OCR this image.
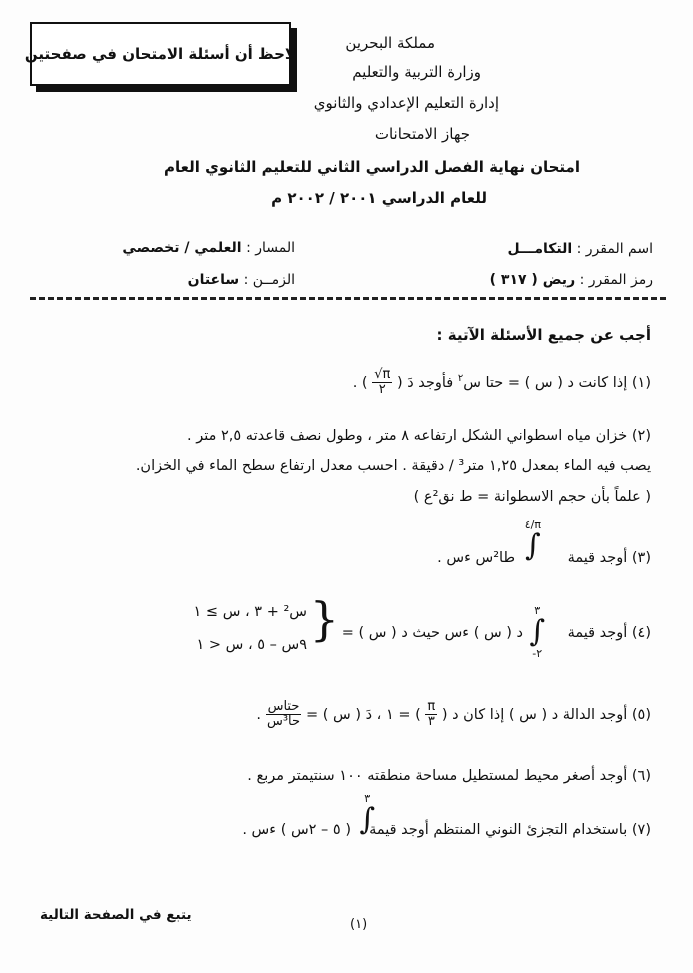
لاحظ أن أسئلة الامتحان في صفحتين
مملكة البحرين
وزارة التربية والتعليم
إدارة التعليم الإعدادي والثانوي
جهاز الامتحانات
امتحان نهاية الفصل الدراسي الثاني للتعليم الثانوي العام
للعام الدراسي ٢٠٠١ / ٢٠٠٢ م
اسم المقرر : التكامـــل
رمز المقرر : ريض ( ٣١٧ )
المسار : العلمي / تخصصي
الزمــن : ساعتان
أجب عن جميع الأسئلة الآتية :
(١) إذا كانت د ( س ) = حتا س$^٢$ فأوجد دَ (
π√
٢
) .
(٢) خزان مياه اسطواني الشكل ارتفاعه ٨ متر ، وطول نصف قاعدته ٢,٥ متر .
يصب فيه الماء بمعدل ١,٢٥ متر³ / دقيقة . احسب معدل ارتفاع سطح الماء في الخزان.
( علماً بأن حجم الاسطوانة = ط نق²ع )
(٣) أوجد قيمة
π/٤
∫
طا²س ءس .
(٤) أوجد قيمة
٣
∫
٢-
د ( س ) ءس حيث د ( س ) =
{
س² + ٣ ، س ≥ ١
٩س – ٥ ، س < ١
(٥) أوجد الدالة د ( س ) إذا كان د (
π
٣
) = ١ ، دَ ( س ) =
حتاس
حا³س
.
(٦) أوجد أصغر محيط لمستطيل مساحة منطقته ١٠٠ سنتيمتر مربع .
(٧) باستخدام التجزئ النوني المنتظم أوجد قيمة
٣
∫
( ٥ – ٢س ) ءس .
يتبع في الصفحة التالية
(١)
